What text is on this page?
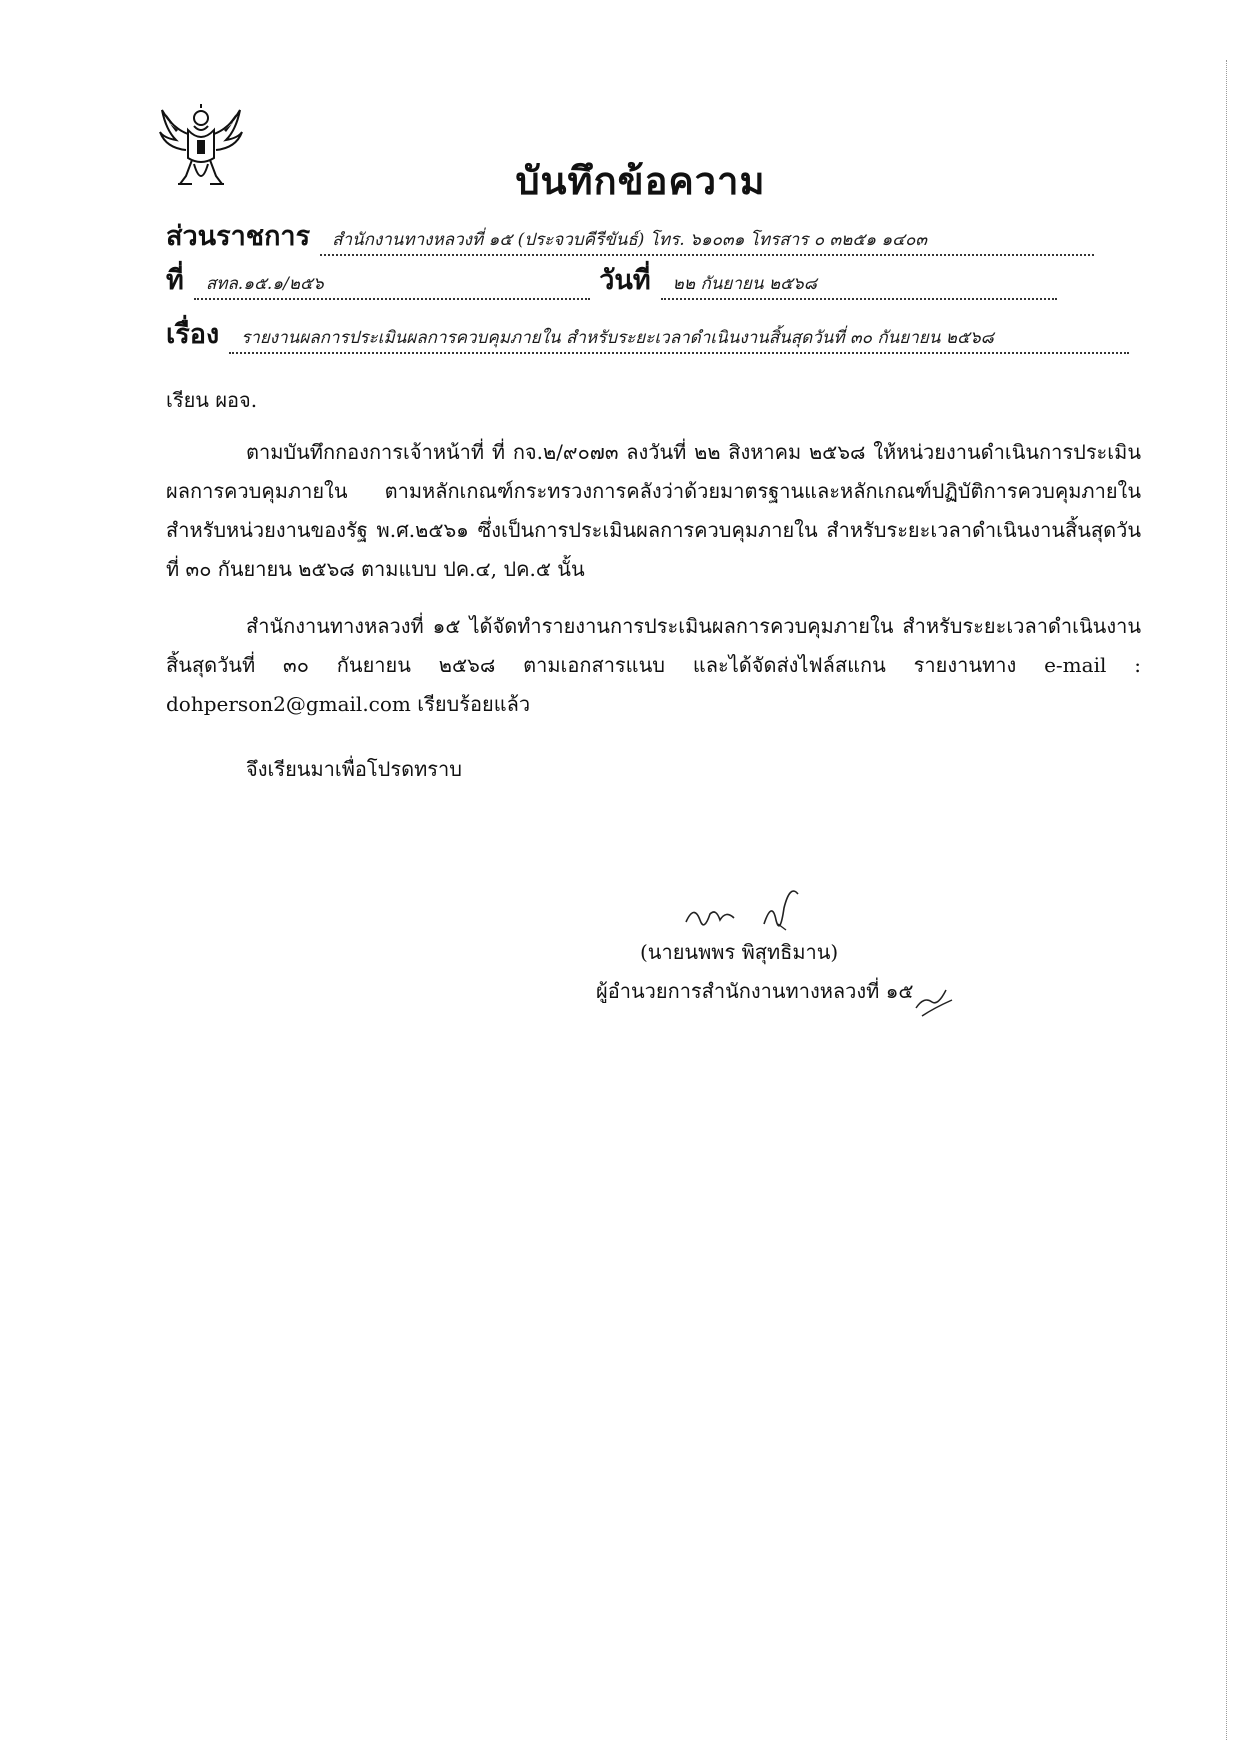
บันทึกข้อความ
ส่วนราชการ สำนักงานทางหลวงที่ ๑๕ (ประจวบคีรีขันธ์) โทร. ๖๑๐๓๑ โทรสาร ๐ ๓๒๕๑ ๑๔๐๓
ที่ สทล.๑๕.๑/๒๕๖	วันที่ ๒๒ กันยายน ๒๕๖๘
เรื่อง รายงานผลการประเมินผลการควบคุมภายใน สำหรับระยะเวลาดำเนินงานสิ้นสุดวันที่ ๓๐ กันยายน ๒๕๖๘
เรียน ผอจ.

ตามบันทึกกองการเจ้าหน้าที่ ที่ กจ.๒/๙๐๗๓ ลงวันที่ ๒๒ สิงหาคม ๒๕๖๘ ให้หน่วยงานดำเนินการประเมินผลการควบคุมภายใน ตามหลักเกณฑ์กระทรวงการคลังว่าด้วยมาตรฐานและหลักเกณฑ์ปฏิบัติการควบคุมภายในสำหรับหน่วยงานของรัฐ พ.ศ.๒๕๖๑ ซึ่งเป็นการประเมินผลการควบคุมภายใน สำหรับระยะเวลาดำเนินงานสิ้นสุดวันที่ ๓๐ กันยายน ๒๕๖๘ ตามแบบ ปค.๔, ปค.๕ นั้น

สำนักงานทางหลวงที่ ๑๕ ได้จัดทำรายงานการประเมินผลการควบคุมภายใน สำหรับระยะเวลาดำเนินงานสิ้นสุดวันที่ ๓๐ กันยายน ๒๕๖๘ ตามเอกสารแนบ และได้จัดส่งไฟล์สแกน รายงานทาง e-mail : dohperson2@gmail.com เรียบร้อยแล้ว

จึงเรียนมาเพื่อโปรดทราบ
(นายนพพร พิสุทธิมาน)
ผู้อำนวยการสำนักงานทางหลวงที่ ๑๕
